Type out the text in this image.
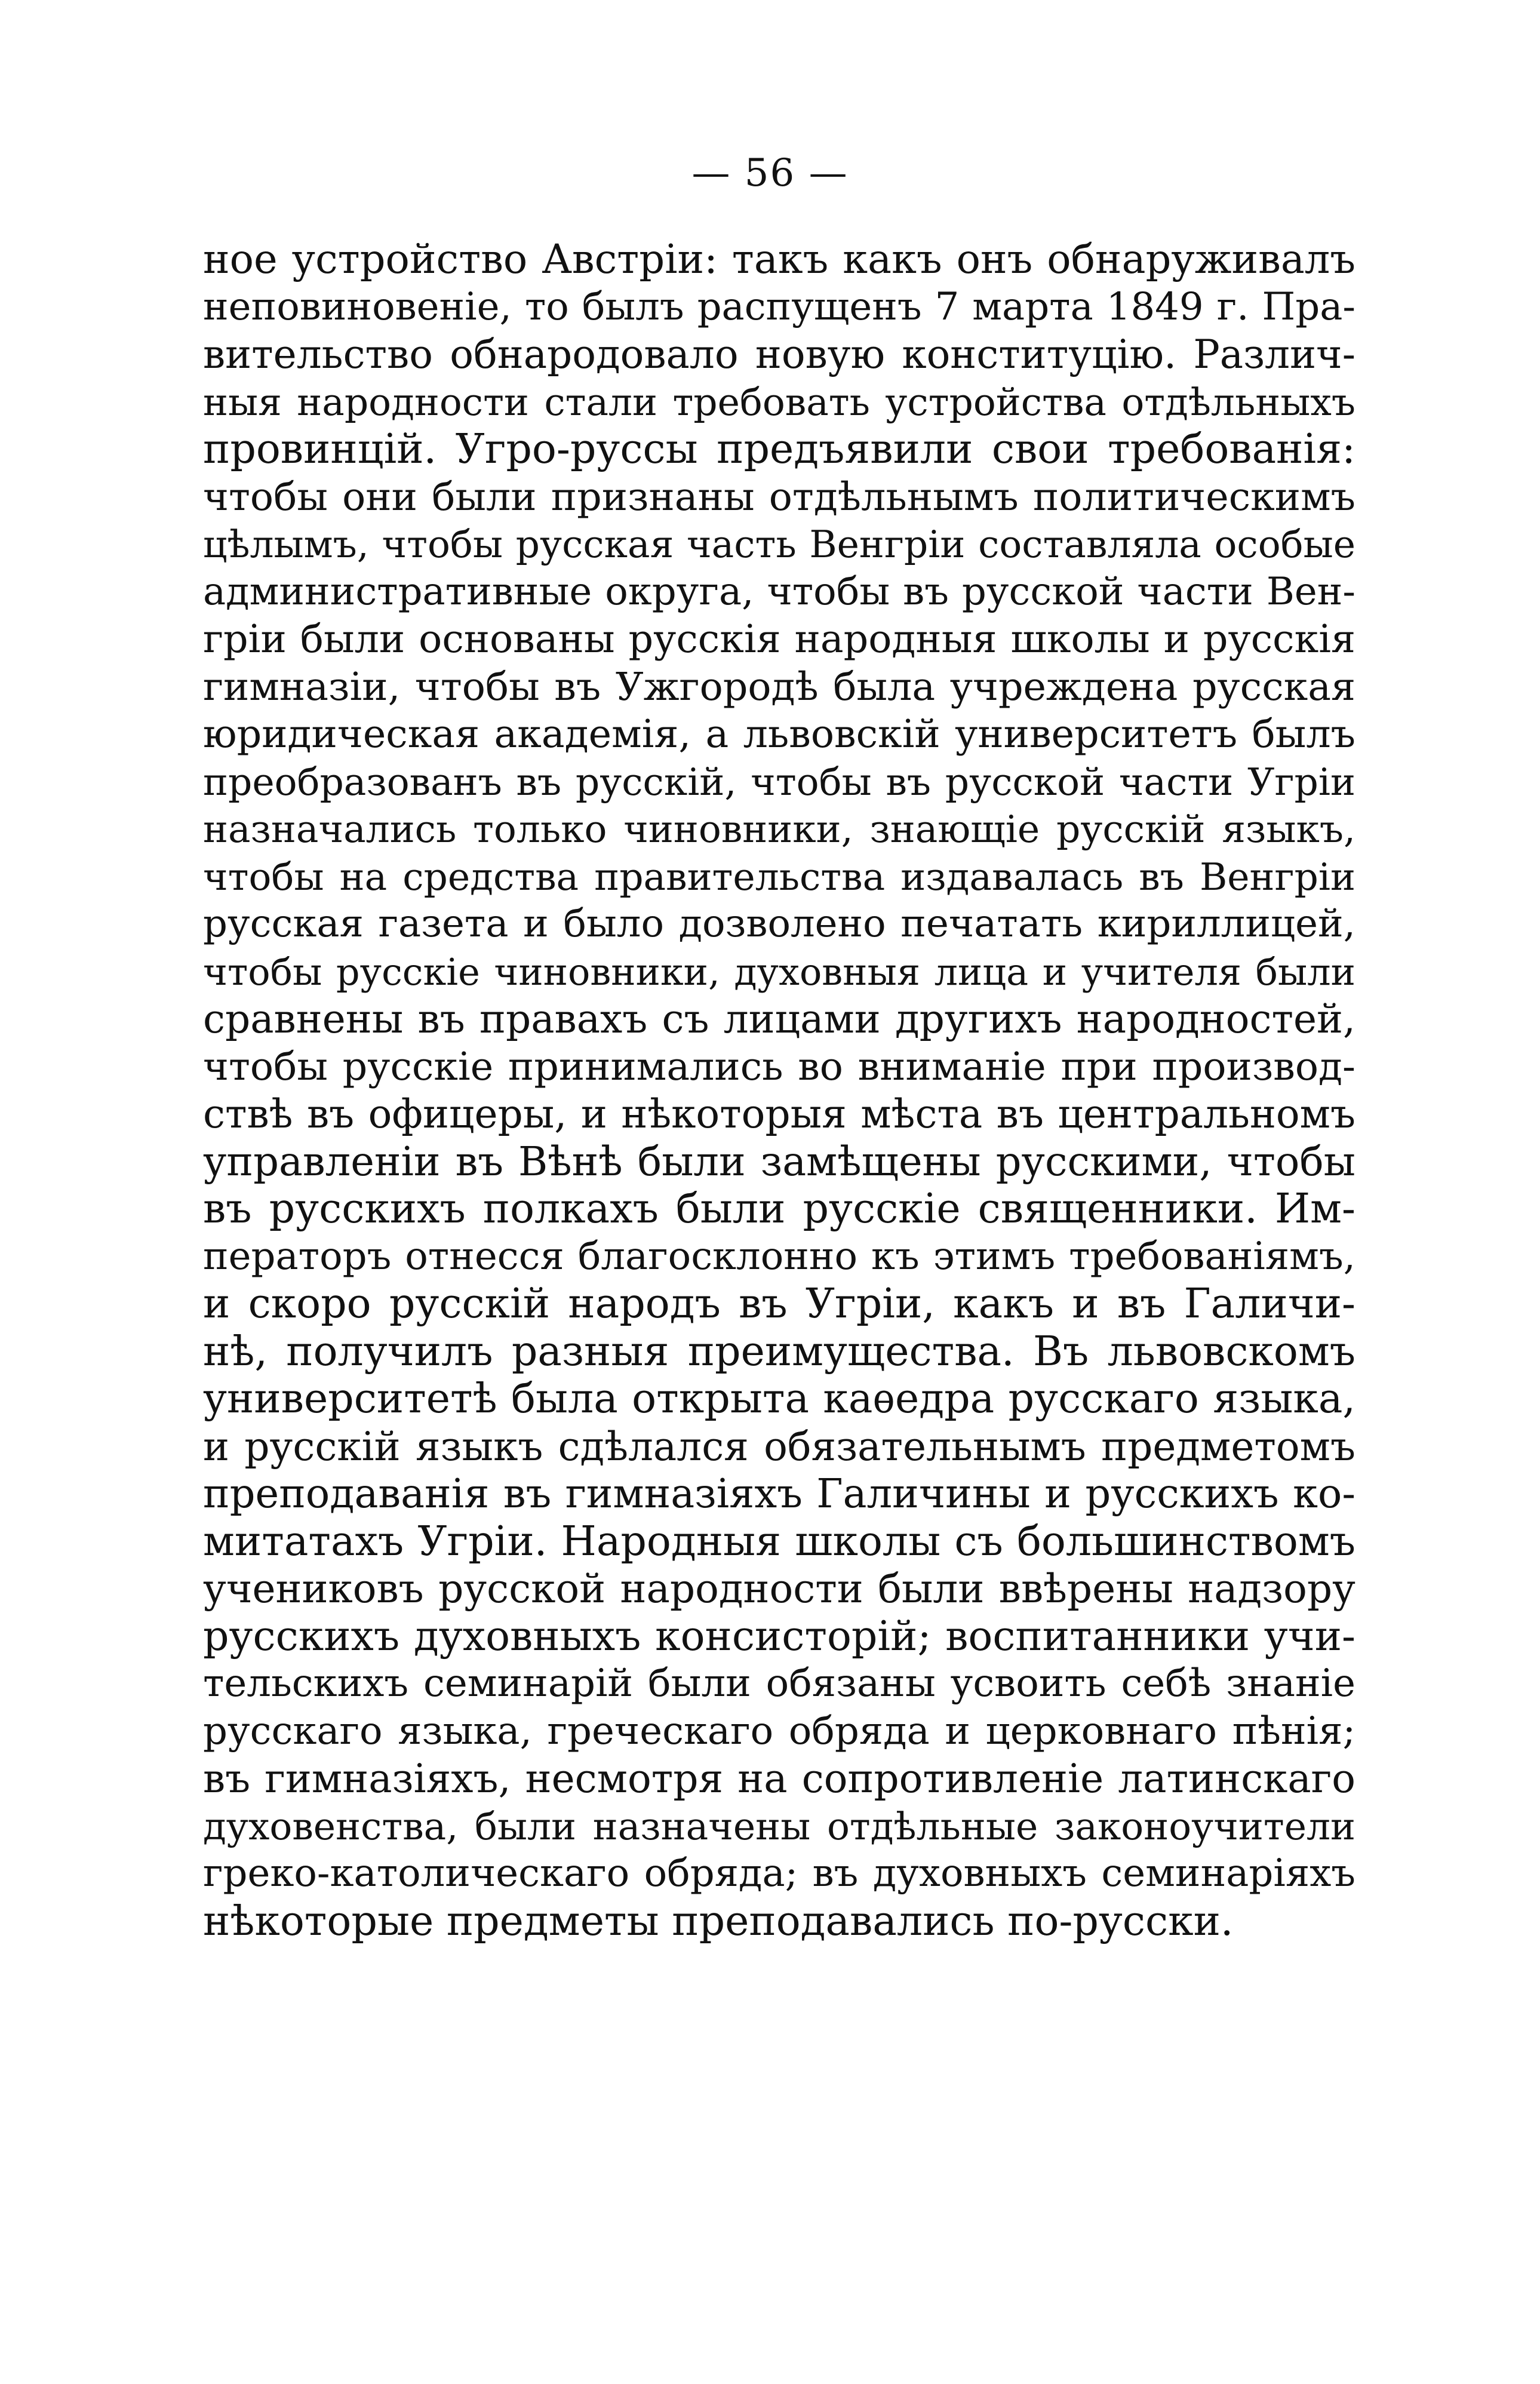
— 56 —
ное устройство Австріи: такъ какъ онъ обнаруживалъ
неповиновеніе, то былъ распущенъ 7 марта 1849 г. Пра-
вительство обнародовало новую конституцію. Различ-
ныя народности стали требовать устройства отдѣльныхъ
провинцій. Угро-руссы предъявили свои требованія:
чтобы они были признаны отдѣльнымъ политическимъ
цѣлымъ, чтобы русская часть Венгріи составляла особые
административные округа, чтобы въ русской части Вен-
гріи были основаны русскія народныя школы и русскія
гимназіи, чтобы въ Ужгородѣ была учреждена русская
юридическая академія, а львовскій университетъ былъ
преобразованъ въ русскій, чтобы въ русской части Угріи
назначались только чиновники, знающіе русскій языкъ,
чтобы на средства правительства издавалась въ Венгріи
русская газета и было дозволено печатать кириллицей,
чтобы русскіе чиновники, духовныя лица и учителя были
сравнены въ правахъ съ лицами другихъ народностей,
чтобы русскіе принимались во вниманіе при производ-
ствѣ въ офицеры, и нѣкоторыя мѣста въ центральномъ
управленіи въ Вѣнѣ были замѣщены русскими, чтобы
въ русскихъ полкахъ были русскіе священники. Им-
ператоръ отнесся благосклонно къ этимъ требованіямъ,
и скоро русскій народъ въ Угріи, какъ и въ Галичи-
нѣ, получилъ разныя преимущества. Въ львовскомъ
университетѣ была открыта каѳедра русскаго языка,
и русскій языкъ сдѣлался обязательнымъ предметомъ
преподаванія въ гимназіяхъ Галичины и русскихъ ко-
митатахъ Угріи. Народныя школы съ большинствомъ
учениковъ русской народности были ввѣрены надзору
русскихъ духовныхъ консисторій; воспитанники учи-
тельскихъ семинарій были обязаны усвоить себѣ знаніе
русскаго языка, греческаго обряда и церковнаго пѣнія;
въ гимназіяхъ, несмотря на сопротивленіе латинскаго
духовенства, были назначены отдѣльные законоучители
греко-католическаго обряда; въ духовныхъ семинаріяхъ
нѣкоторые предметы преподавались по-русски.
